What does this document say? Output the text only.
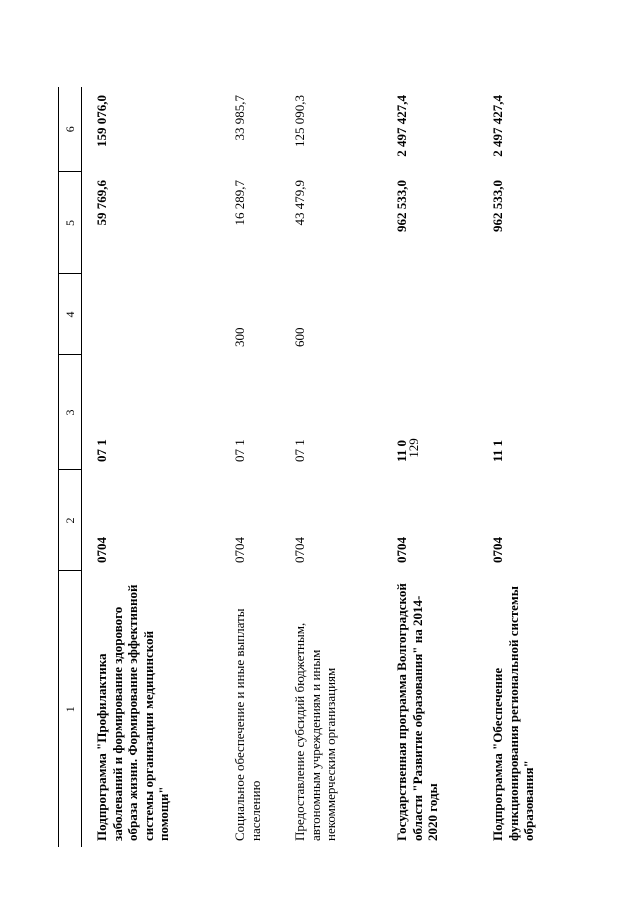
129
1	2	3	4	5	6
Подпрограмма "Профилактика заболеваний и формирование здорового образа жизни. Формирование эффективной системы организации медицинской помощи"	0704	07 1		59 769,6	159 076,0
Социальное обеспечение и иные выплаты населению	0704	07 1	300	16 289,7	33 985,7
Предоставление субсидий бюджетным, автономным учреждениям и иным некоммерческим организациям	0704	07 1	600	43 479,9	125 090,3
Государственная программа Волгоградской области "Развитие образования" на 2014-2020 годы	0704	11 0		962 533,0	2 497 427,4
Подпрограмма "Обеспечение функционирования региональной системы образования"	0704	11 1		962 533,0	2 497 427,4
